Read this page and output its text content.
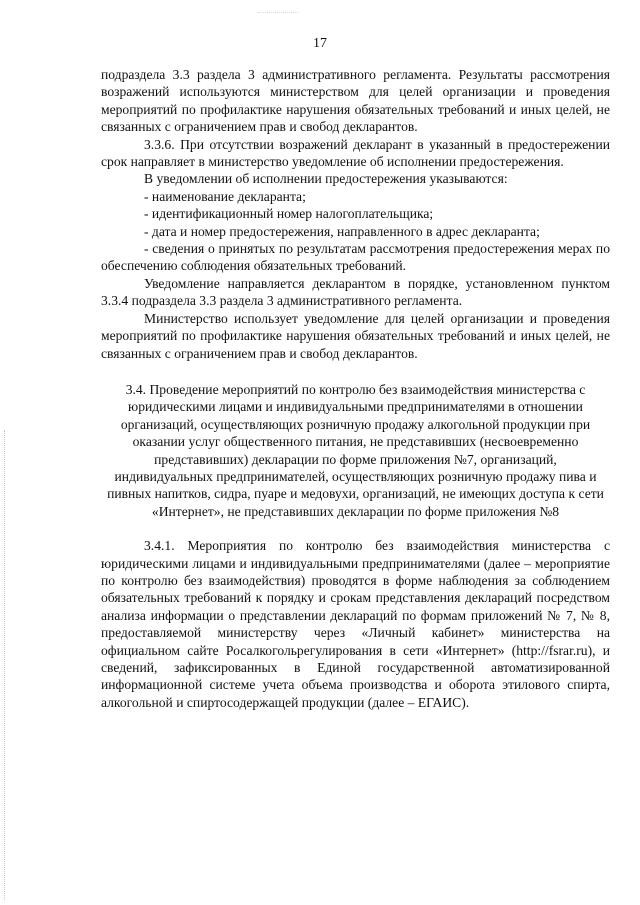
17

подраздела 3.3 раздела 3 административного регламента. Результаты рассмотрения возражений используются министерством для целей организации и проведения мероприятий по профилактике нарушения обязательных требований и иных целей, не связанных с ограничением прав и свобод декларантов.

3.3.6. При отсутствии возражений декларант в указанный в предостережении срок направляет в министерство уведомление об исполнении предостережения.

В уведомлении об исполнении предостережения указываются:

- наименование декларанта;

- идентификационный номер налогоплательщика;

- дата и номер предостережения, направленного в адрес декларанта;

- сведения о принятых по результатам рассмотрения предостережения мерах по обеспечению соблюдения обязательных требований.

Уведомление направляется декларантом в порядке, установленном пунктом 3.3.4 подраздела 3.3 раздела 3 административного регламента.

Министерство использует уведомление для целей организации и проведения мероприятий по профилактике нарушения обязательных требований и иных целей, не связанных с ограничением прав и свобод декларантов.

3.4. Проведение мероприятий по контролю без взаимодействия министерства с юридическими лицами и индивидуальными предпринимателями в отношении организаций, осуществляющих розничную продажу алкогольной продукции при оказании услуг общественного питания, не представивших (несвоевременно представивших) декларации по форме приложения №7, организаций, индивидуальных предпринимателей, осуществляющих розничную продажу пива и пивных напитков, сидра, пуаре и медовухи, организаций, не имеющих доступа к сети «Интернет», не представивших декларации по форме приложения №8

3.4.1. Мероприятия по контролю без взаимодействия министерства с юридическими лицами и индивидуальными предпринимателями (далее – мероприятие по контролю без взаимодействия) проводятся в форме наблюдения за соблюдением обязательных требований к порядку и срокам представления деклараций посредством анализа информации о представлении деклараций по формам приложений № 7, № 8, предоставляемой министерству через «Личный кабинет» министерства на официальном сайте Росалкогольрегулирования в сети «Интернет» (http://fsrar.ru), и сведений, зафиксированных в Единой государственной автоматизированной информационной системе учета объема производства и оборота этилового спирта, алкогольной и спиртосодержащей продукции (далее – ЕГАИС).
